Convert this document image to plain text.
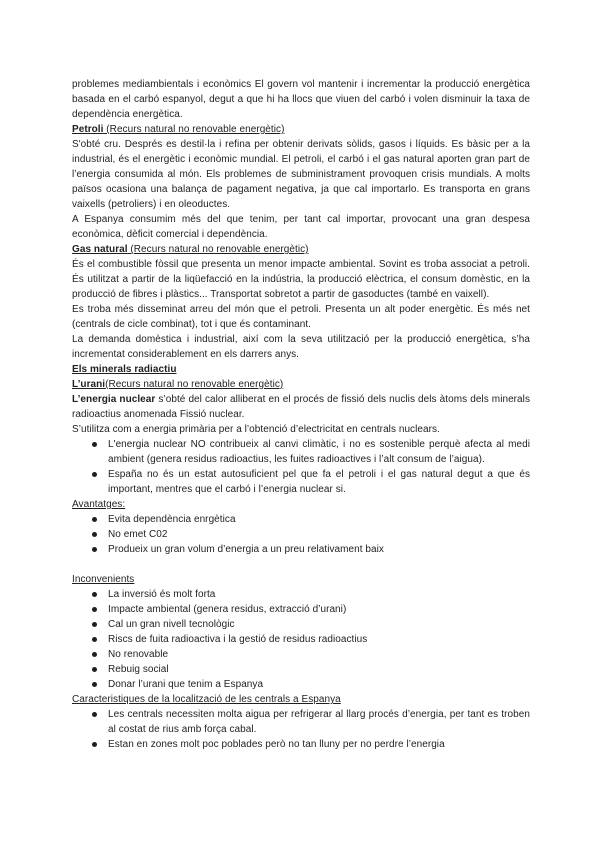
problemes mediambientals i econòmics El govern vol mantenir i incrementar la producció energètica basada en el carbó espanyol, degut a que hi ha llocs que viuen del carbó i volen disminuir la taxa de dependència energètica.

Petroli (Recurs natural no renovable energètic)

S'obté cru. Després es destil·la i refina per obtenir derivats sòlids, gasos i líquids. Es bàsic per a la industrial, és el energètic i econòmic mundial. El petroli, el carbó i el gas natural aporten gran part de l’energia consumida al món. Els problemes de subministrament provoquen crisis mundials. A molts països ocasiona una balança de pagament negativa, ja que cal importarlo. Es transporta en grans vaixells (petroliers) i en oleoductes.

A Espanya consumim més del que tenim, per tant cal importar, provocant una gran despesa econòmica, dèficit comercial i dependència.

Gas natural (Recurs natural no renovable energètic)

És el combustible fòssil que presenta un menor impacte ambiental. Sovint es troba associat a petroli. És utilitzat a partir de la liqüefacció en la indústria, la producció elèctrica, el consum domèstic, en la producció de fibres i plàstics... Transportat sobretot a partir de gasoductes (també en vaixell).

Es troba més disseminat arreu del món que el petroli. Presenta un alt poder energètic. És més net (centrals de cicle combinat), tot i que és contaminant.

La demanda domèstica i industrial, així com la seva utilització per la producció energètica, s’ha incrementat considerablement en els darrers anys.

Els minerals radiactiu

L’urani(Recurs natural no renovable energètic)

L’energia nuclear s’obté del calor alliberat en el procés de fissió dels nuclis dels àtoms dels minerals radioactius anomenada Fissió nuclear.

S’utilitza com a energia primària per a l’obtenció d’electricitat en centrals nuclears.

L'energia nuclear NO contribueix al canvi climàtic, i no es sostenible perquè afecta al medi ambient (genera residus radioactius, les fuites radioactives i l’alt consum de l’aigua).
España no és un estat autosuficient pel que fa el petroli i el gas natural degut a que és important, mentres que el carbó i l’energia nuclear si.

Avantatges:

Evita dependència enrgètica
No emet C02
Produeix un gran volum d’energia a un preu relativament baix

Inconvenients

La inversió és molt forta
Impacte ambiental (genera residus, extracció d’urani)
Cal un gran nivell tecnològic
Riscs de fuita radioactiva i la gestió de residus radioactius
No renovable
Rebuig social
Donar l’urani que tenim a Espanya

Caracteristiques de la localització de les centrals a Espanya

Les centrals necessiten molta aigua per refrigerar al llarg procés d’energia, per tant es troben al costat de rius amb força cabal.
Estan en zones molt poc poblades però no tan lluny per no perdre l’energia
